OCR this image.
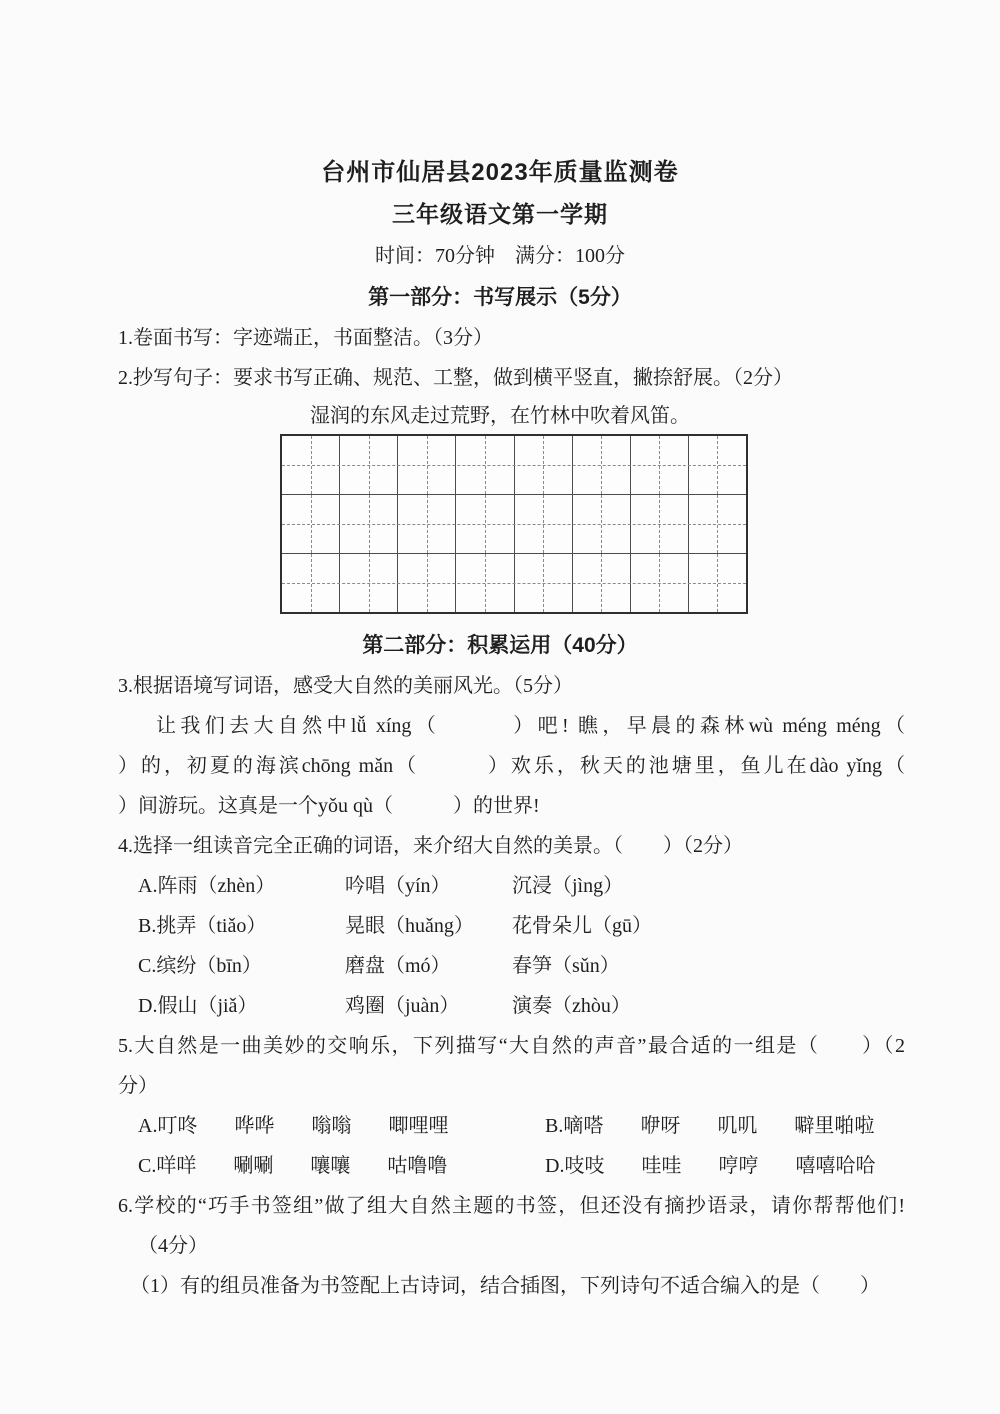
台州市仙居县2023年质量监测卷
三年级语文第一学期
时间：70分钟　满分：100分
第一部分：书写展示（5分）
1.卷面书写：字迹端正，书面整洁。（3分）
2.抄写句子：要求书写正确、规范、工整，做到横平竖直，撇捺舒展。（2分）
湿润的东风走过荒野，在竹林中吹着风笛。
第二部分：积累运用（40分）
3.根据语境写词语，感受大自然的美丽风光。（5分）
让我们去大自然中lǚ xíng（　　　）吧! 瞧，早晨的森林wù méng méng（
）的，初夏的海滨chōng mǎn（　　　）欢乐，秋天的池塘里，鱼儿在dào yǐng（
）间游玩。这真是一个yǒu qù（　　　）的世界!
4.选择一组读音完全正确的词语，来介绍大自然的美景。（　　）（2分）
A.阵雨（zhèn）	吟唱（yín）	沉浸（jìng）
B.挑弄（tiǎo）	晃眼（huǎng）	花骨朵儿（gū）
C.缤纷（bīn）	磨盘（mó）	春笋（sǔn）
D.假山（jiǎ）	鸡圈（juàn）	演奏（zhòu）
5.大自然是一曲美妙的交响乐，下列描写“大自然的声音”最合适的一组是（　　）（2
分）
A.叮咚 哗哗 嗡嗡 唧哩哩	B.嘀嗒 咿呀 叽叽 噼里啪啦
C.咩咩 唰唰 嚷嚷 咕噜噜	D.吱吱 哇哇 哼哼 嘻嘻哈哈
6.学校的“巧手书签组”做了组大自然主题的书签，但还没有摘抄语录，请你帮帮他们!
（4分）
（1）有的组员准备为书签配上古诗词，结合插图，下列诗句不适合编入的是（　　）
